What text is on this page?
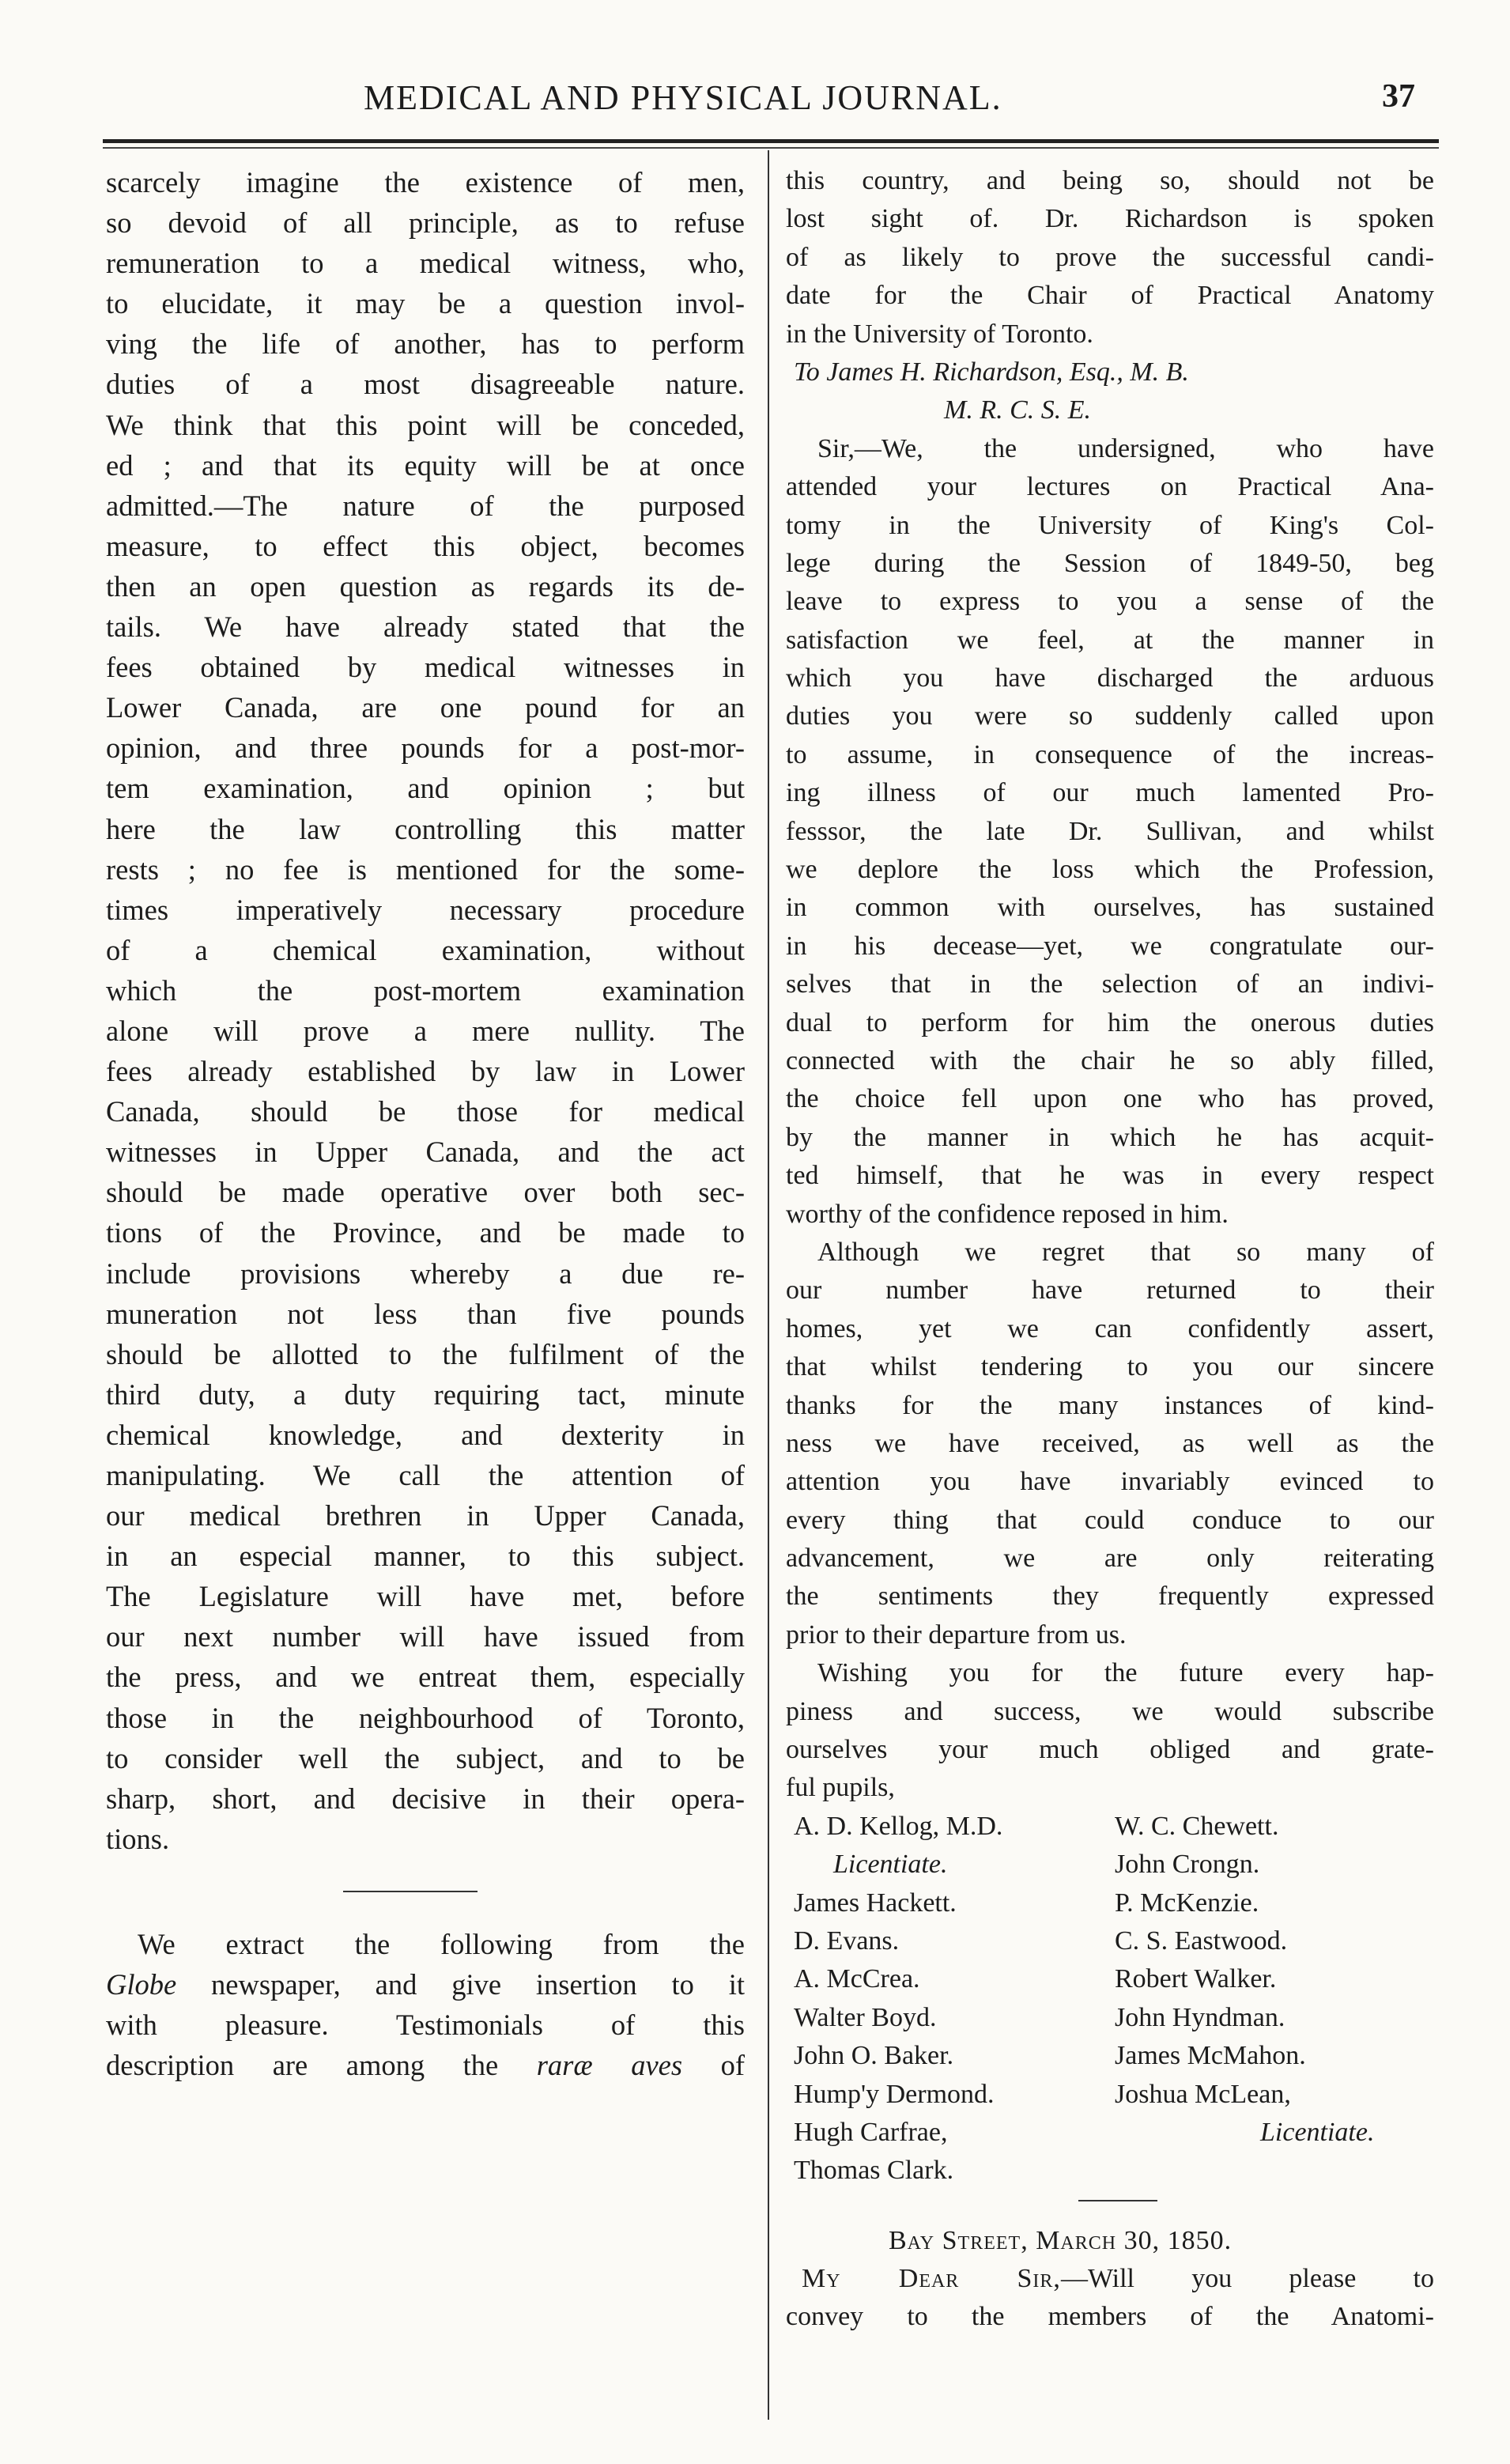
MEDICAL AND PHYSICAL JOURNAL.	37
scarcely imagine the existence of men,
so devoid of all principle, as to refuse
remuneration to a medical witness, who,
to elucidate, it may be a question invol-
ving the life of another, has to perform
duties of a most disagreeable nature.
We think that this point will be conceded,
ed ; and that its equity will be at once
admitted.—The nature of the purposed
measure, to effect this object, becomes
then an open question as regards its de-
tails. We have already stated that the
fees obtained by medical witnesses in
Lower Canada, are one pound for an
opinion, and three pounds for a post-mor-
tem examination, and opinion ; but
here the law controlling this matter
rests ; no fee is mentioned for the some-
times imperatively necessary procedure
of a chemical examination, without
which the post-mortem examination
alone will prove a mere nullity. The
fees already established by law in Lower
Canada, should be those for medical
witnesses in Upper Canada, and the act
should be made operative over both sec-
tions of the Province, and be made to
include provisions whereby a due re-
muneration not less than five pounds
should be allotted to the fulfilment of the
third duty, a duty requiring tact, minute
chemical knowledge, and dexterity in
manipulating. We call the attention of
our medical brethren in Upper Canada,
in an especial manner, to this subject.
The Legislature will have met, before
our next number will have issued from
the press, and we entreat them, especially
those in the neighbourhood of Toronto,
to consider well the subject, and to be
sharp, short, and decisive in their opera-
tions.
We extract the following from the
Globe newspaper, and give insertion to it
with pleasure. Testimonials of this
description are among the raræ aves of
this country, and being so, should not be
lost sight of. Dr. Richardson is spoken
of as likely to prove the successful candi-
date for the Chair of Practical Anatomy
in the University of Toronto.
To James H. Richardson, Esq., M. B.
M. R. C. S. E.
Sir,—We, the undersigned, who have
attended your lectures on Practical Ana-
tomy in the University of King's Col-
lege during the Session of 1849-50, beg
leave to express to you a sense of the
satisfaction we feel, at the manner in
which you have discharged the arduous
duties you were so suddenly called upon
to assume, in consequence of the increas-
ing illness of our much lamented Pro-
fesssor, the late Dr. Sullivan, and whilst
we deplore the loss which the Profession,
in common with ourselves, has sustained
in his decease—yet, we congratulate our-
selves that in the selection of an indivi-
dual to perform for him the onerous duties
connected with the chair he so ably filled,
the choice fell upon one who has proved,
by the manner in which he has acquit-
ted himself, that he was in every respect
worthy of the confidence reposed in him.
Although we regret that so many of
our number have returned to their
homes, yet we can confidently assert,
that whilst tendering to you our sincere
thanks for the many instances of kind-
ness we have received, as well as the
attention you have invariably evinced to
every thing that could conduce to our
advancement, we are only reiterating
the sentiments they frequently expressed
prior to their departure from us.
Wishing you for the future every hap-
piness and success, we would subscribe
ourselves your much obliged and grate-
ful pupils,
A. D. Kellog, M.D.	W. C. Chewett.
Licentiate.	John Crongn.
James Hackett.	P. McKenzie.
D. Evans.	C. S. Eastwood.
A. McCrea.	Robert Walker.
Walter Boyd.	John Hyndman.
John O. Baker.	James McMahon.
Hump'y Dermond.	Joshua McLean,
Hugh Carfrae,	Licentiate.
Thomas Clark.
Bay Street, March 30, 1850.
My Dear Sir,—Will you please to
convey to the members of the Anatomi-
